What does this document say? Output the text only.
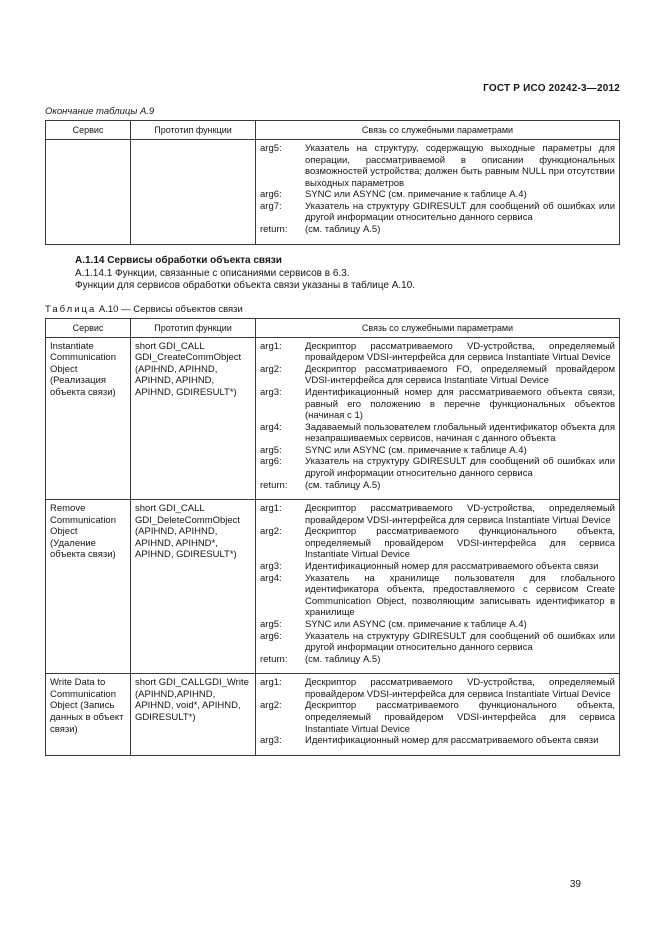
ГОСТ Р ИСО 20242-3—2012
Окончание таблицы А.9
Сервис	Прототип функции	Связь со служебными параметрами

arg5:	Указатель на структуру, содержащую выходные параметры для операции, рассматриваемой в описании функциональных возможностей устройства; должен быть равным NULL при отсутствии выходных параметров
arg6:	SYNC или ASYNC (см. примечание к таблице А.4)
arg7:	Указатель на структуру GDIRESULT для сообщений об ошибках или другой информации относительно данного сервиса
return:	(см. таблицу А.5)
А.1.14 Сервисы обработки объекта связи
А.1.14.1 Функции, связанные с описаниями сервисов в 6.3.
Функции для сервисов обработки объекта связи указаны в таблице А.10.
Таблица А.10 — Сервисы объектов связи
Сервис	Прототип функции	Связь со служебными параметрами
Instantiate Communication Object (Реализация объекта связи)	short GDI_CALL GDI_CreateCommObject (APIHND, APIHND, APIHND, APIHND, APIHND, GDIRESULT*)	
arg1:	Дескриптор рассматриваемого VD-устройства, определяемый провайдером VDSI-интерфейса для сервиса Instantiate Virtual Device
arg2:	Дескриптор рассматриваемого FO, определяемый провайдером VDSI-интерфейса для сервиса Instantiate Virtual Device
arg3:	Идентификационный номер для рассматриваемого объекта связи, равный его положению в перечне функциональных объектов (начиная с 1)
arg4:	Задаваемый пользователем глобальный идентификатор объекта для незапрашиваемых сервисов, начиная с данного объекта
arg5:	SYNC или ASYNC (см. примечание к таблице А.4)
arg6:	Указатель на структуру GDIRESULT для сообщений об ошибках или другой информации относительно данного сервиса
return:	(см. таблицу А.5)

Remove Communication Object (Удаление объекта связи)	short GDI_CALL GDI_DeleteCommObject (APIHND, APIHND, APIHND, APIHND*, APIHND, GDIRESULT*)	
arg1:	Дескриптор рассматриваемого VD-устройства, определяемый провайдером VDSI-интерфейса для сервиса Instantiate Virtual Device
arg2:	Дескриптор рассматриваемого функционального объекта, определяемый провайдером VDSI-интерфейса для сервиса Instantiate Virtual Device
arg3:	Идентификационный номер для рассматриваемого объекта связи
arg4:	Указатель на хранилище пользователя для глобального идентификатора объекта, предоставляемого с сервисом Create Communication Object, позволяющим записывать идентификатор в хранилище
arg5:	SYNC или ASYNC (см. примечание к таблице А.4)
arg6:	Указатель на структуру GDIRESULT для сообщений об ошибках или другой информации относительно данного сервиса
return:	(см. таблицу А.5)

Write Data to Communication Object (Запись данных в объект связи)	short GDI_CALLGDI_Write (APIHND,APIHND, APIHND, void*, APIHND, GDIRESULT*)	
arg1:	Дескриптор рассматриваемого VD-устройства, определяемый провайдером VDSI-интерфейса для сервиса Instantiate Virtual Device
arg2:	Дескриптор рассматриваемого функционального объекта, определяемый провайдером VDSI-интерфейса для сервиса Instantiate Virtual Device
arg3:	Идентификационный номер для рассматриваемого объекта связи
39
